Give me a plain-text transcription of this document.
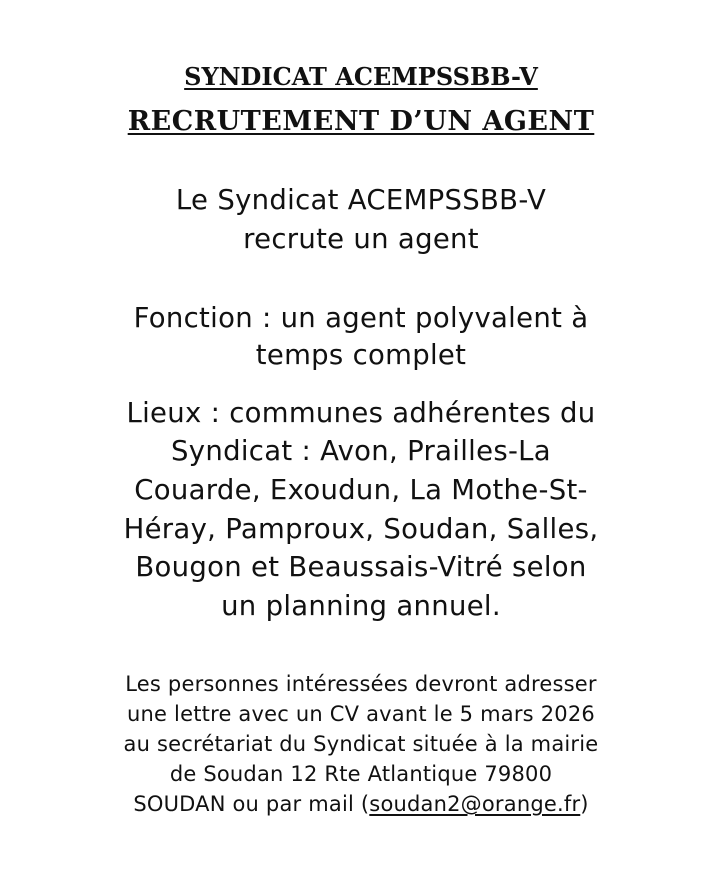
SYNDICAT ACEMPSSBB-V

RECRUTEMENT D’UN AGENT

Le Syndicat ACEMPSSBB-V

recrute un agent

Fonction : un agent polyvalent à

temps complet

Lieux : communes adhérentes du

Syndicat : Avon, Prailles-La

Couarde, Exoudun, La Mothe-St-

Héray, Pamproux, Soudan, Salles,

Bougon et Beaussais-Vitré selon

un planning annuel.

Les personnes intéressées devront adresser

une lettre avec un CV avant le 5 mars 2026

au secrétariat du Syndicat située à la mairie

de Soudan 12 Rte Atlantique 79800

SOUDAN ou par mail (soudan2@orange.fr)
